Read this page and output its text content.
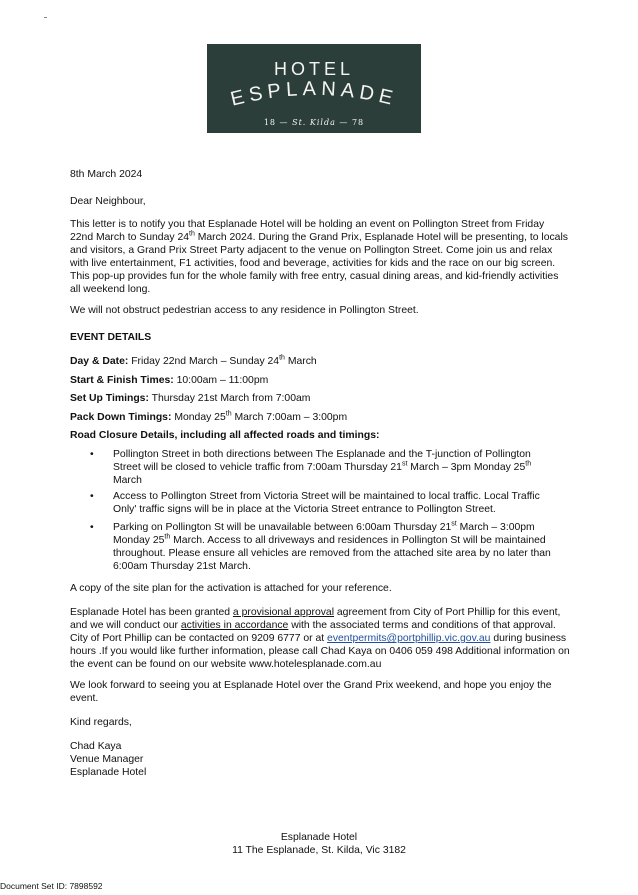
HOTEL
ESPLANADE
18 — St. Kilda — 78

8th March 2024

Dear Neighbour,

This letter is to notify you that Esplanade Hotel will be holding an event on Pollington Street from Friday 22nd March to Sunday 24th March 2024. During the Grand Prix, Esplanade Hotel will be presenting, to locals and visitors, a Grand Prix Street Party adjacent to the venue on Pollington Street. Come join us and relax with live entertainment, F1 activities, food and beverage, activities for kids and the race on our big screen. This pop-up provides fun for the whole family with free entry, casual dining areas, and kid-friendly activities all weekend long.

We will not obstruct pedestrian access to any residence in Pollington Street.

EVENT DETAILS

Day & Date: Friday 22nd March – Sunday 24th March

Start & Finish Times: 10:00am – 11:00pm

Set Up Timings: Thursday 21st March from 7:00am

Pack Down Timings: Monday 25th March 7:00am – 3:00pm

Road Closure Details, including all affected roads and timings:

• Pollington Street in both directions between The Esplanade and the T-junction of Pollington Street will be closed to vehicle traffic from 7:00am Thursday 21st March – 3pm Monday 25th March
• Access to Pollington Street from Victoria Street will be maintained to local traffic. Local Traffic Only' traffic signs will be in place at the Victoria Street entrance to Pollington Street.
• Parking on Pollington St will be unavailable between 6:00am Thursday 21st March – 3:00pm Monday 25th March. Access to all driveways and residences in Pollington St will be maintained throughout. Please ensure all vehicles are removed from the attached site area by no later than 6:00am Thursday 21st March.

A copy of the site plan for the activation is attached for your reference.

Esplanade Hotel has been granted a provisional approval agreement from City of Port Phillip for this event, and we will conduct our activities in accordance with the associated terms and conditions of that approval. City of Port Phillip can be contacted on 9209 6777 or at eventpermits@portphillip.vic.gov.au during business hours .If you would like further information, please call Chad Kaya on 0406 059 498 Additional information on the event can be found on our website www.hotelesplanade.com.au

We look forward to seeing you at Esplanade Hotel over the Grand Prix weekend, and hope you enjoy the event.

Kind regards,

Chad Kaya

Venue Manager

Esplanade Hotel

Esplanade Hotel
11 The Esplanade, St. Kilda, Vic 3182
Document Set ID: 7898592
